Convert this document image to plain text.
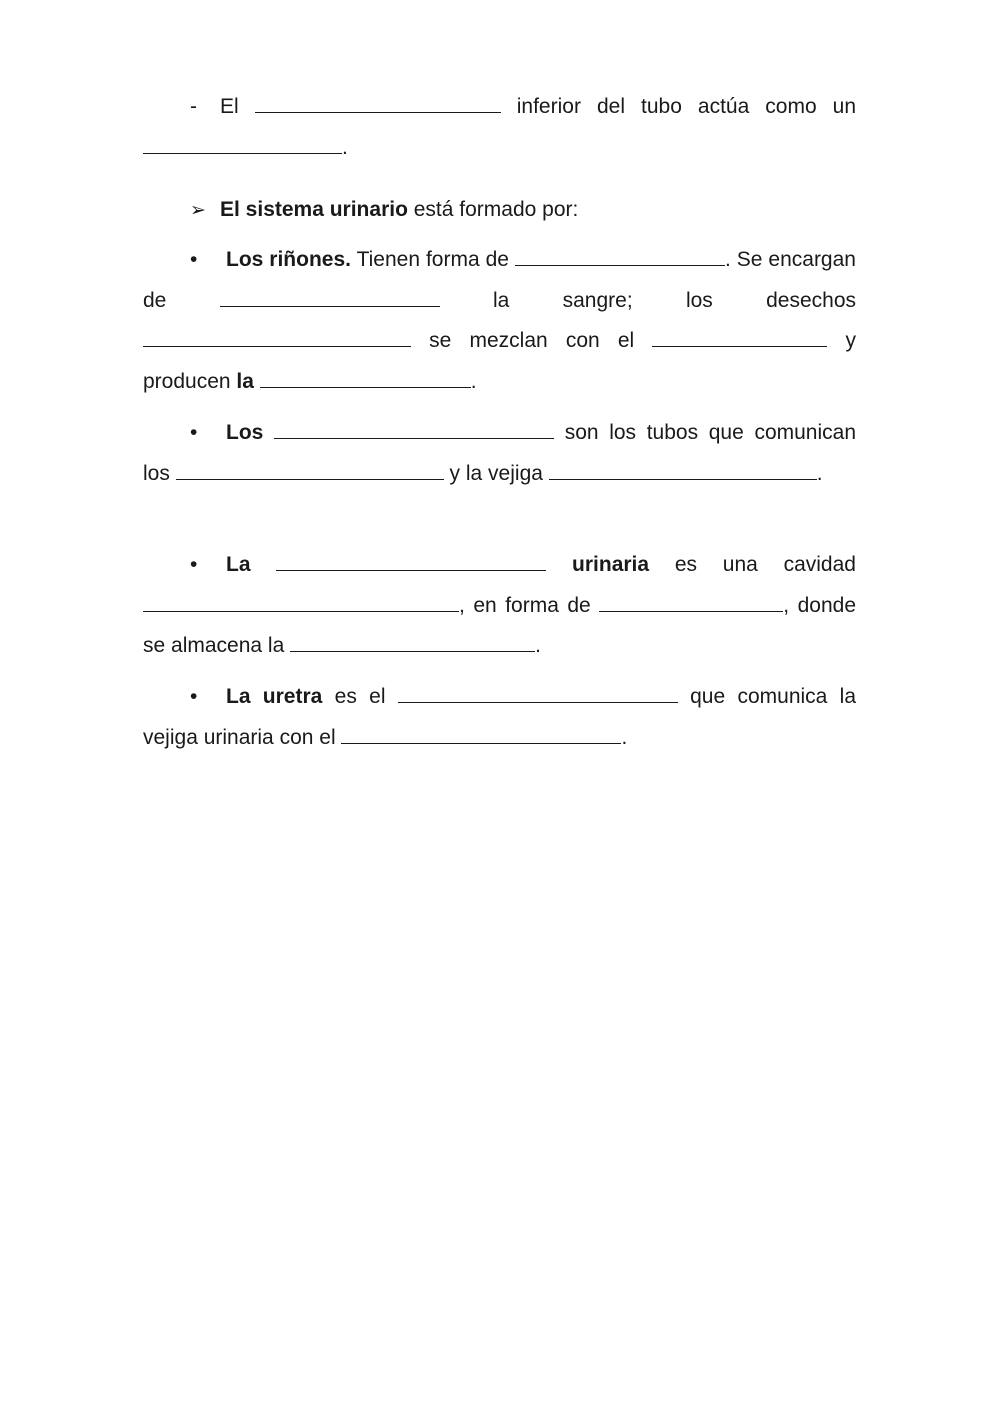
- El	inferior del tubo actúa como un .

➢ El sistema urinario está formado por:

• Los riñones. Tienen forma de	. Se encargan de	la sangre; los desechos  se mezclan con el	y producen la	.

• Los	son los tubos que comunican los	y la vejiga	.

• La	urinaria es una cavidad , en forma de	, donde se almacena la	.

• La uretra es el	que comunica la vejiga urinaria con el	.
